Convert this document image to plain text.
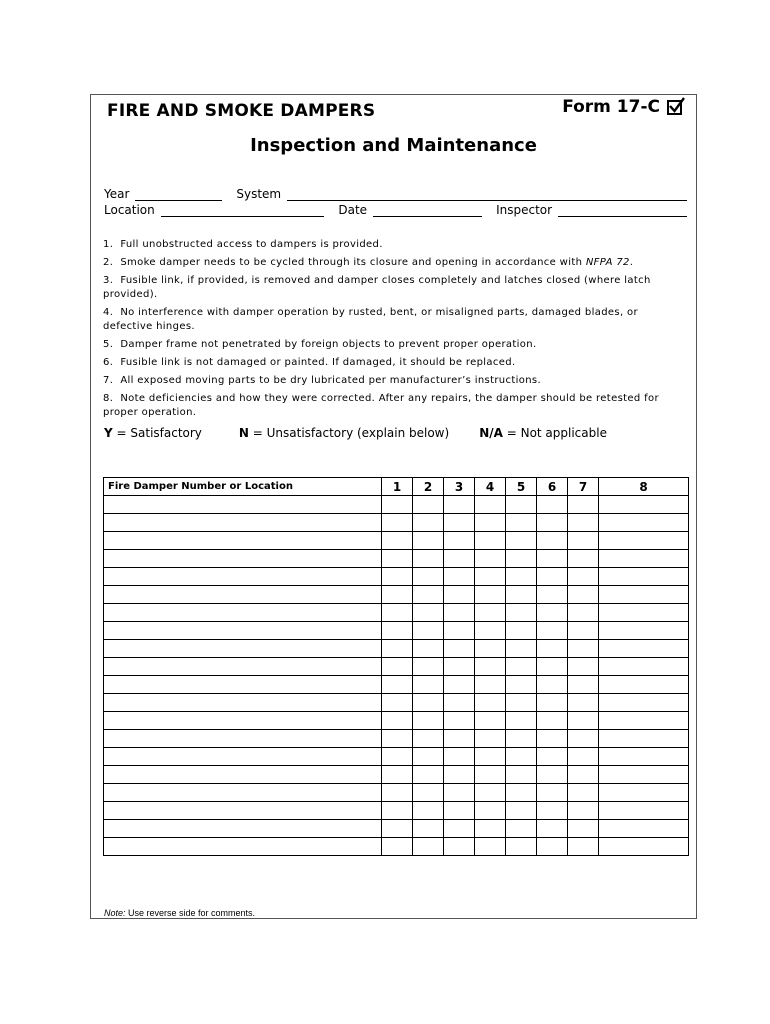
FIRE AND SMOKE DAMPERS	Form 17-C
Inspection and Maintenance
Year	System
Location	Date	Inspector
1. Full unobstructed access to dampers is provided.
2. Smoke damper needs to be cycled through its closure and opening in accordance with NFPA 72.
3. Fusible link, if provided, is removed and damper closes completely and latches closed (where latch provided).
4. No interference with damper operation by rusted, bent, or misaligned parts, damaged blades, or defective hinges.
5. Damper frame not penetrated by foreign objects to prevent proper operation.
6. Fusible link is not damaged or painted. If damaged, it should be replaced.
7. All exposed moving parts to be dry lubricated per manufacturer’s instructions.
8. Note deficiencies and how they were corrected. After any repairs, the damper should be retested for proper operation.
Y = Satisfactory	N = Unsatisfactory (explain below)	N/A = Not applicable
Fire Damper Number or Location	1	2	3	4	5	6	7	8

Note: Use reverse side for comments.
